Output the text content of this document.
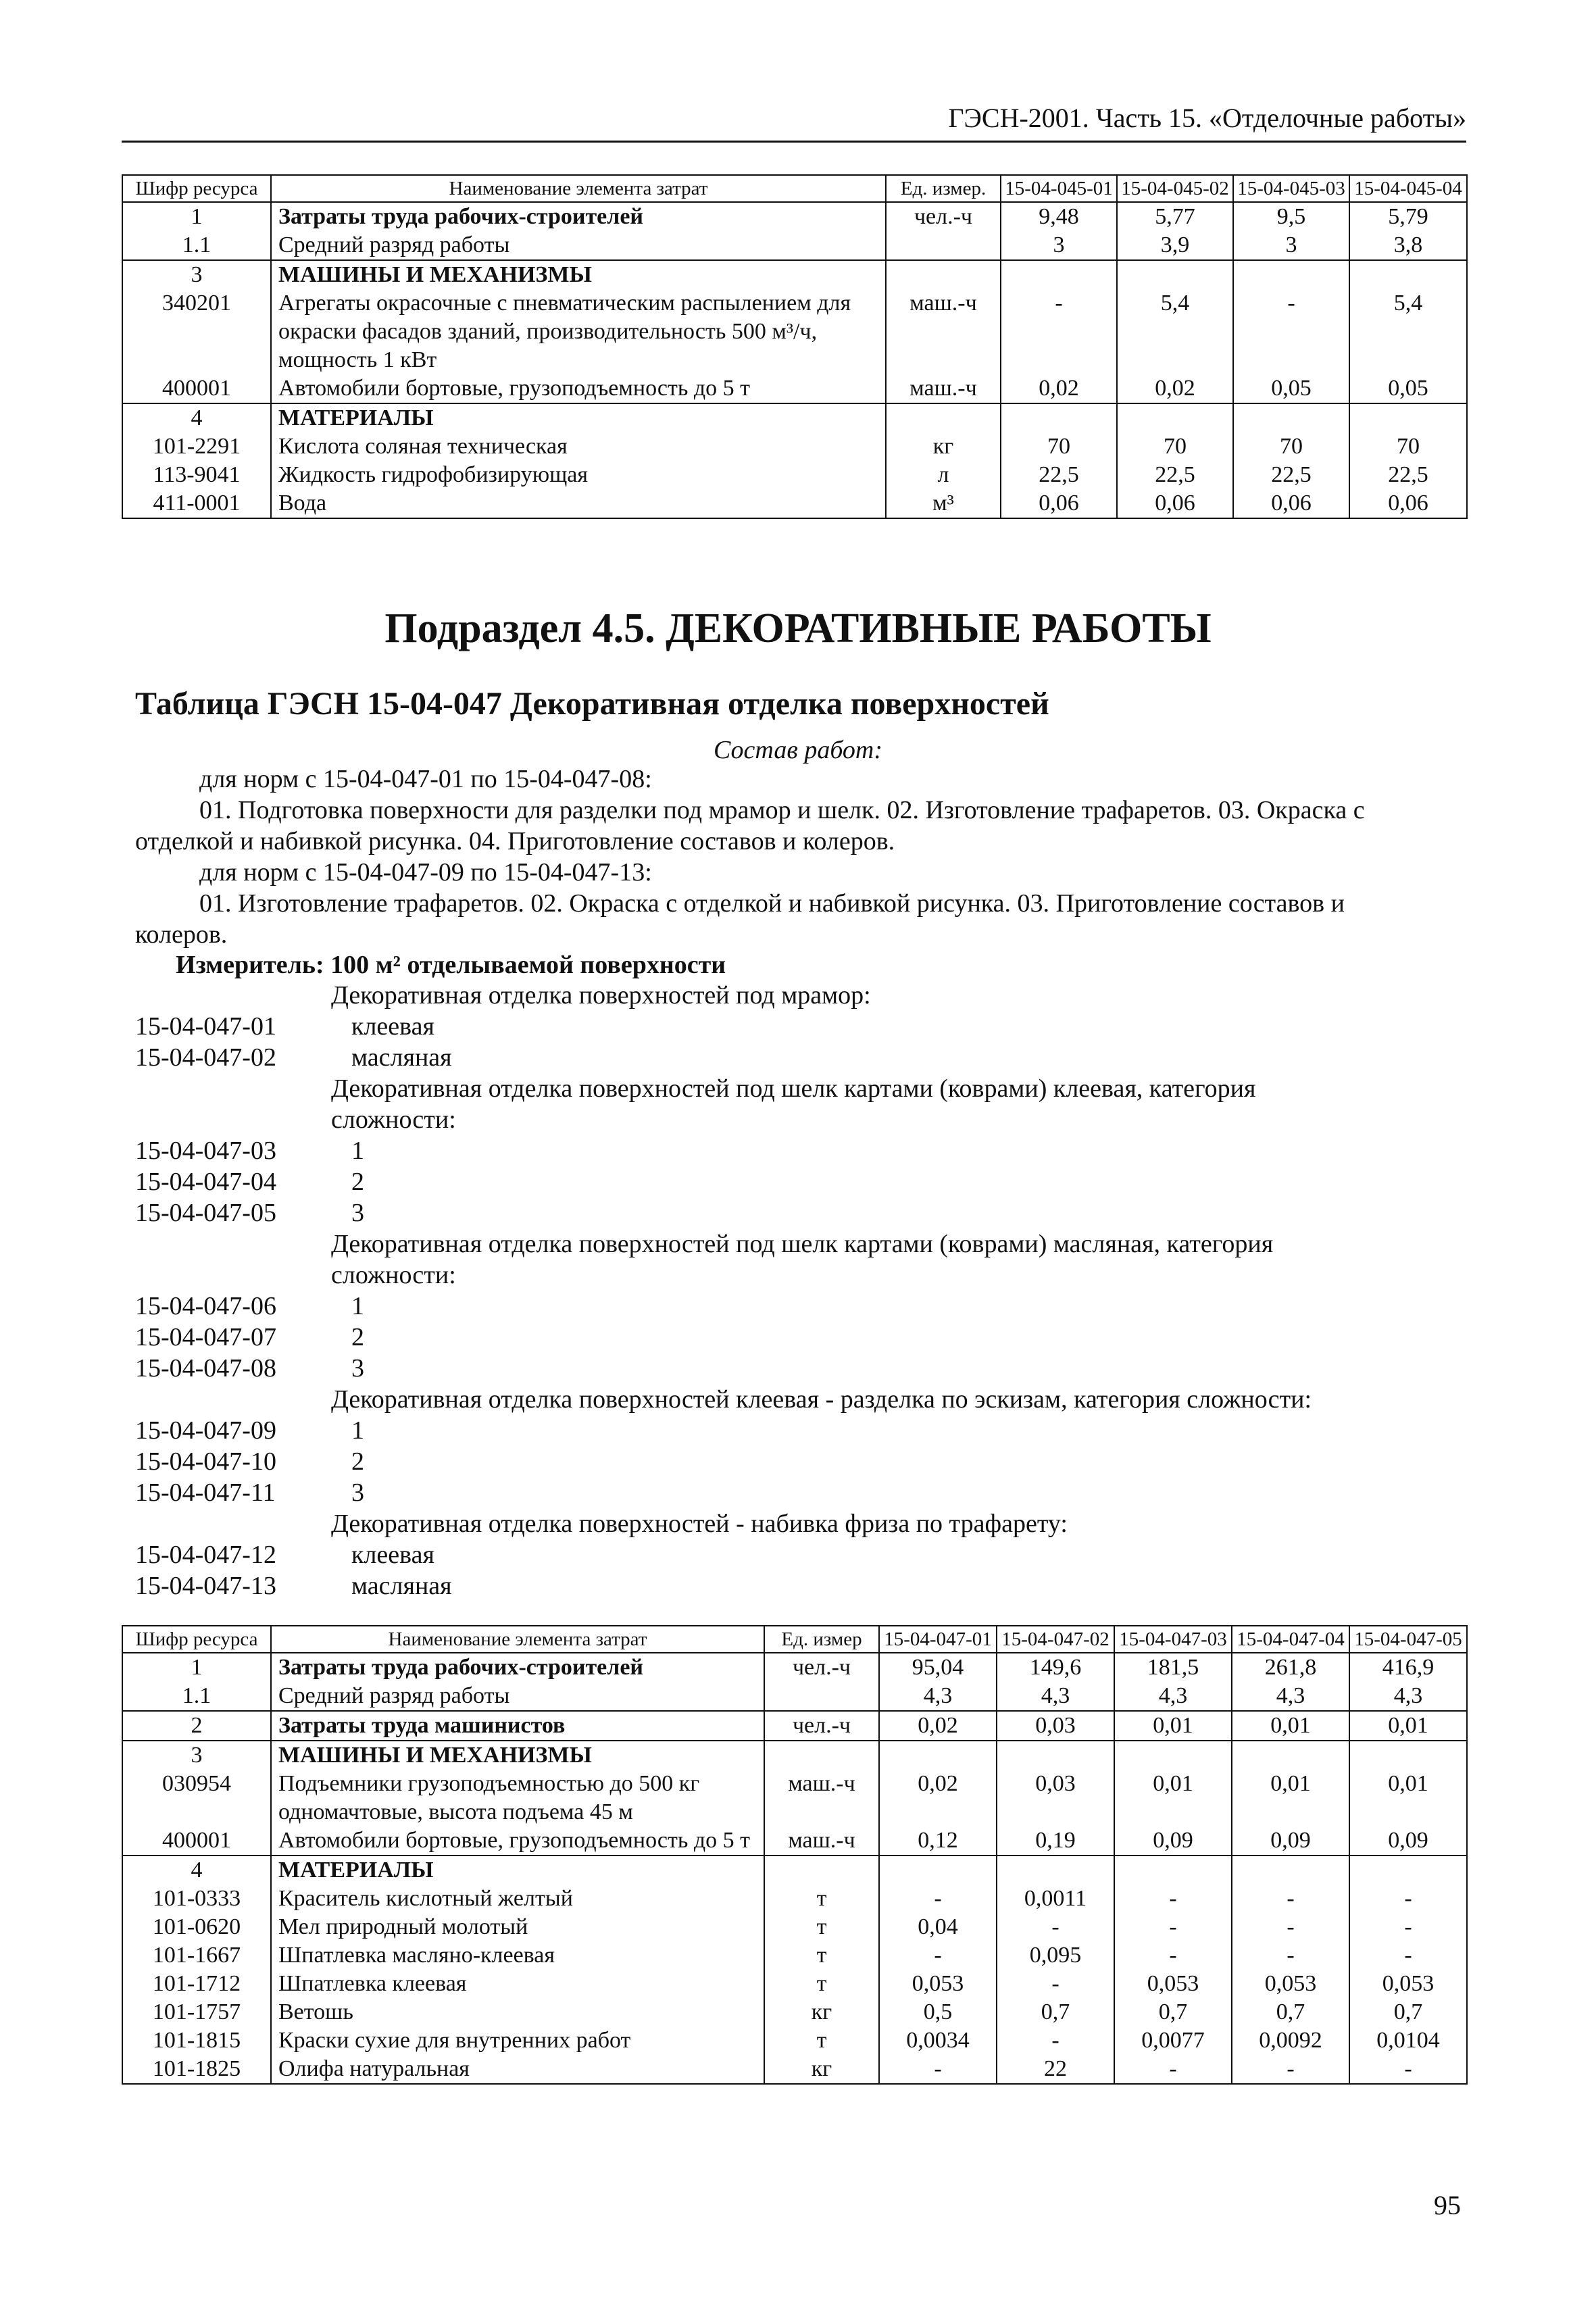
ГЭСН-2001. Часть 15. «Отделочные работы»
Шифр ресурса	Наименование элемента затрат	Ед. измер.	15-04-045-01	15-04-045-02	15-04-045-03	15-04-045-04
1	Затраты труда рабочих-строителей	чел.-ч	9,48	5,77	9,5	5,79
1.1	Средний разряд работы		3	3,9	3	3,8
3	МАШИНЫ И МЕХАНИЗМЫ					
340201	Агрегаты окрасочные с пневматическим распылением для окраски фасадов зданий, производительность 500 м³/ч, мощность 1 кВт	маш.-ч	-	5,4	-	5,4
400001	Автомобили бортовые, грузоподъемность до 5 т	маш.-ч	0,02	0,02	0,05	0,05
4	МАТЕРИАЛЫ					
101-2291	Кислота соляная техническая	кг	70	70	70	70
113-9041	Жидкость гидрофобизирующая	л	22,5	22,5	22,5	22,5
411-0001	Вода	м³	0,06	0,06	0,06	0,06
Подраздел 4.5. ДЕКОРАТИВНЫЕ РАБОТЫ
Таблица ГЭСН 15-04-047 Декоративная отделка поверхностей
Состав работ:
для норм с 15-04-047-01 по 15-04-047-08:
01. Подготовка поверхности для разделки под мрамор и шелк. 02. Изготовление трафаретов. 03. Окраска с
отделкой и набивкой рисунка. 04. Приготовление составов и колеров.
для норм с 15-04-047-09 по 15-04-047-13:
01. Изготовление трафаретов. 02. Окраска с отделкой и набивкой рисунка. 03. Приготовление составов и
колеров.
Измеритель: 100 м² отделываемой поверхности
Декоративная отделка поверхностей под мрамор:
15-04-047-01	клеевая
15-04-047-02	масляная
Декоративная отделка поверхностей под шелк картами (коврами) клеевая, категория
сложности:
15-04-047-03	1
15-04-047-04	2
15-04-047-05	3
Декоративная отделка поверхностей под шелк картами (коврами) масляная, категория
сложности:
15-04-047-06	1
15-04-047-07	2
15-04-047-08	3
Декоративная отделка поверхностей клеевая - разделка по эскизам, категория сложности:
15-04-047-09	1
15-04-047-10	2
15-04-047-11	3
Декоративная отделка поверхностей - набивка фриза по трафарету:
15-04-047-12	клеевая
15-04-047-13	масляная
Шифр ресурса	Наименование элемента затрат	Ед. измер	15-04-047-01	15-04-047-02	15-04-047-03	15-04-047-04	15-04-047-05
1	Затраты труда рабочих-строителей	чел.-ч	95,04	149,6	181,5	261,8	416,9
1.1	Средний разряд работы		4,3	4,3	4,3	4,3	4,3
2	Затраты труда машинистов	чел.-ч	0,02	0,03	0,01	0,01	0,01
3	МАШИНЫ И МЕХАНИЗМЫ						
030954	Подъемники грузоподъемностью до 500 кг одномачтовые, высота подъема 45 м	маш.-ч	0,02	0,03	0,01	0,01	0,01
400001	Автомобили бортовые, грузоподъемность до 5 т	маш.-ч	0,12	0,19	0,09	0,09	0,09
4	МАТЕРИАЛЫ						
101-0333	Краситель кислотный желтый	т	-	0,0011	-	-	-
101-0620	Мел природный молотый	т	0,04	-	-	-	-
101-1667	Шпатлевка масляно-клеевая	т	-	0,095	-	-	-
101-1712	Шпатлевка клеевая	т	0,053	-	0,053	0,053	0,053
101-1757	Ветошь	кг	0,5	0,7	0,7	0,7	0,7
101-1815	Краски сухие для внутренних работ	т	0,0034	-	0,0077	0,0092	0,0104
101-1825	Олифа натуральная	кг	-	22	-	-	-
95
